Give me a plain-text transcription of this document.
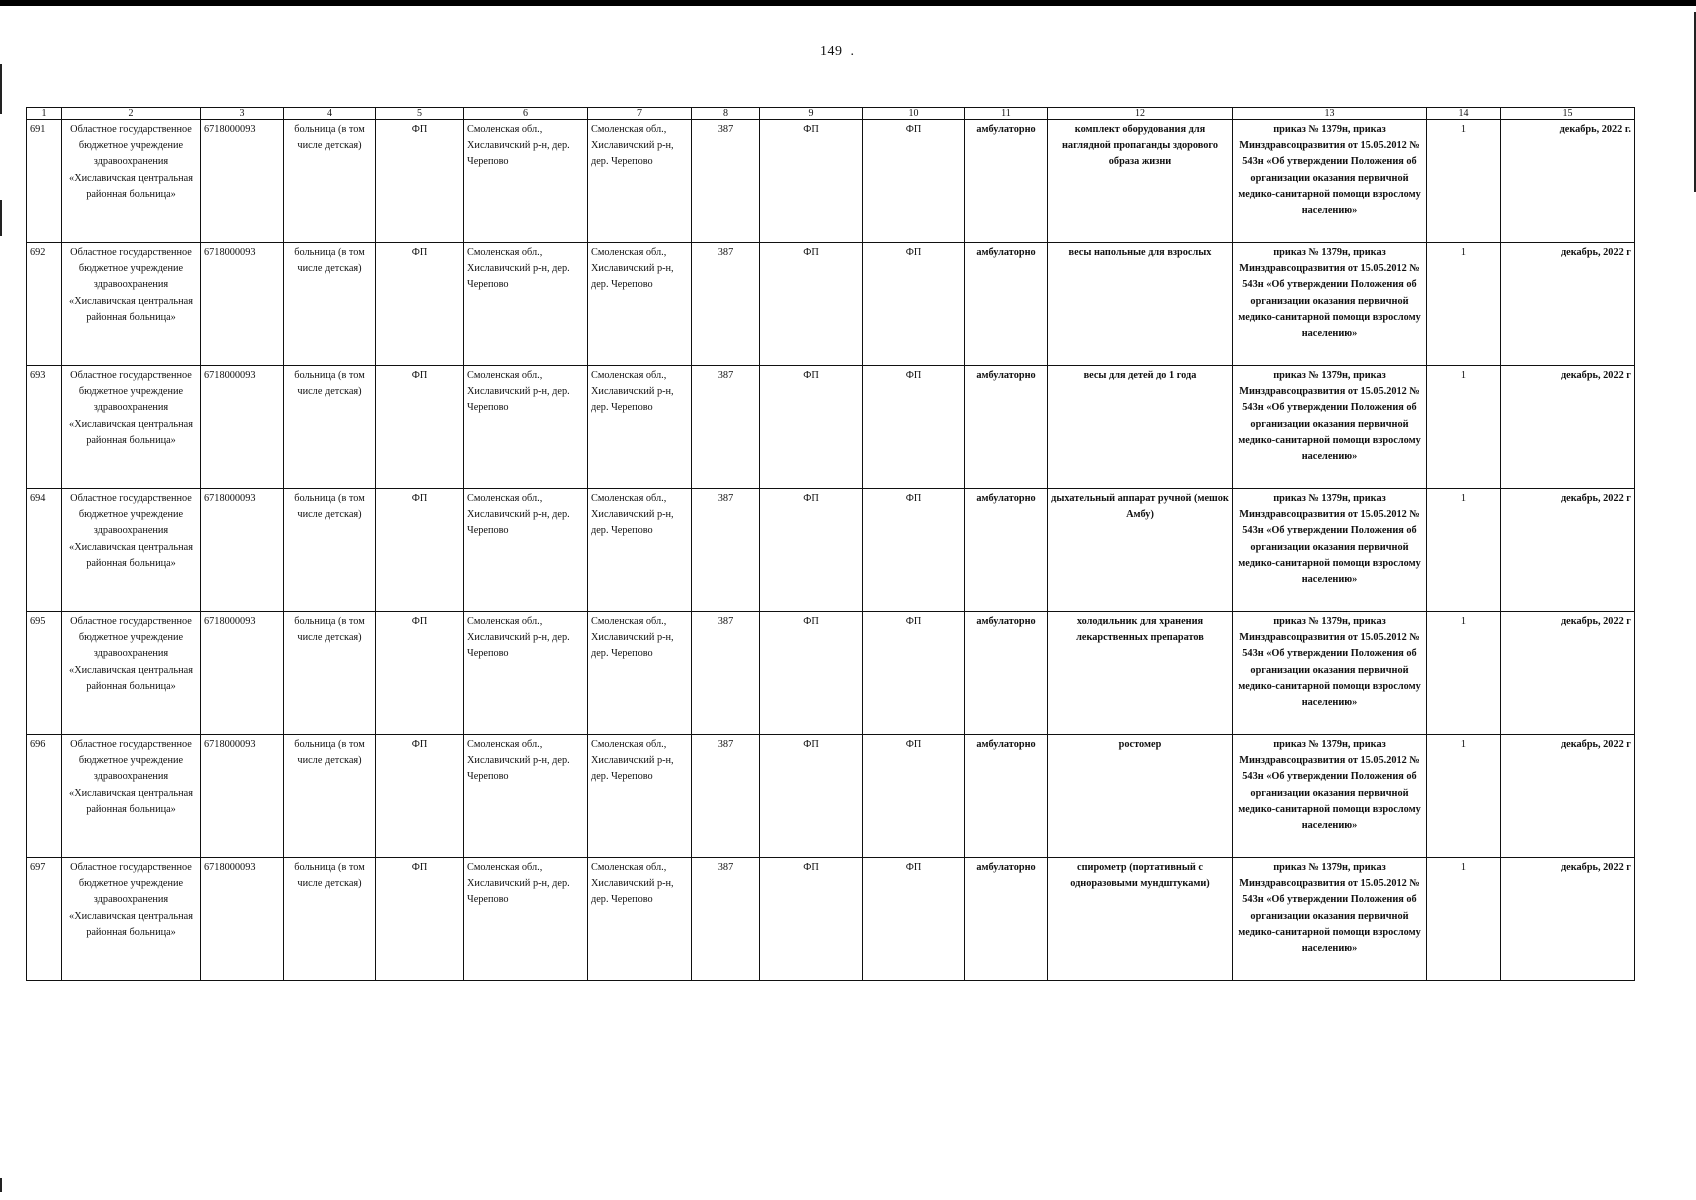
149 .
1	2	3	4	5	6	7	8	9	10	11	12	13	14	15
691	Областное государственное бюджетное учреждение здравоохранения «Хиславичская центральная районная больница»	6718000093	больница (в том числе детская)	ФП	Смоленская обл., Хиславичский р-н, дер. Черепово	Смоленская обл., Хиславичский р-н, дер. Черепово	387	ФП	ФП	амбулаторно	комплект оборудования для наглядной пропаганды здорового образа жизни	приказ № 1379н, приказ Минздравсоцразвития от 15.05.2012 № 543н «Об утверждении Положения об организации оказания первичной медико-санитарной помощи взрослому населению»	1	декабрь, 2022 г.
692	Областное государственное бюджетное учреждение здравоохранения «Хиславичская центральная районная больница»	6718000093	больница (в том числе детская)	ФП	Смоленская обл., Хиславичский р-н, дер. Черепово	Смоленская обл., Хиславичский р-н, дер. Черепово	387	ФП	ФП	амбулаторно	весы напольные для взрослых	приказ № 1379н, приказ Минздравсоцразвития от 15.05.2012 № 543н «Об утверждении Положения об организации оказания первичной медико-санитарной помощи взрослому населению»	1	декабрь, 2022 г
693	Областное государственное бюджетное учреждение здравоохранения «Хиславичская центральная районная больница»	6718000093	больница (в том числе детская)	ФП	Смоленская обл., Хиславичский р-н, дер. Черепово	Смоленская обл., Хиславичский р-н, дер. Черепово	387	ФП	ФП	амбулаторно	весы для детей до 1 года	приказ № 1379н, приказ Минздравсоцразвития от 15.05.2012 № 543н «Об утверждении Положения об организации оказания первичной медико-санитарной помощи взрослому населению»	1	декабрь, 2022 г
694	Областное государственное бюджетное учреждение здравоохранения «Хиславичская центральная районная больница»	6718000093	больница (в том числе детская)	ФП	Смоленская обл., Хиславичский р-н, дер. Черепово	Смоленская обл., Хиславичский р-н, дер. Черепово	387	ФП	ФП	амбулаторно	дыхательный аппарат ручной (мешок Амбу)	приказ № 1379н, приказ Минздравсоцразвития от 15.05.2012 № 543н «Об утверждении Положения об организации оказания первичной медико-санитарной помощи взрослому населению»	1	декабрь, 2022 г
695	Областное государственное бюджетное учреждение здравоохранения «Хиславичская центральная районная больница»	6718000093	больница (в том числе детская)	ФП	Смоленская обл., Хиславичский р-н, дер. Черепово	Смоленская обл., Хиславичский р-н, дер. Черепово	387	ФП	ФП	амбулаторно	холодильник для хранения лекарственных препаратов	приказ № 1379н, приказ Минздравсоцразвития от 15.05.2012 № 543н «Об утверждении Положения об организации оказания первичной медико-санитарной помощи взрослому населению»	1	декабрь, 2022 г
696	Областное государственное бюджетное учреждение здравоохранения «Хиславичская центральная районная больница»	6718000093	больница (в том числе детская)	ФП	Смоленская обл., Хиславичский р-н, дер. Черепово	Смоленская обл., Хиславичский р-н, дер. Черепово	387	ФП	ФП	амбулаторно	ростомер	приказ № 1379н, приказ Минздравсоцразвития от 15.05.2012 № 543н «Об утверждении Положения об организации оказания первичной медико-санитарной помощи взрослому населению»	1	декабрь, 2022 г
697	Областное государственное бюджетное учреждение здравоохранения «Хиславичская центральная районная больница»	6718000093	больница (в том числе детская)	ФП	Смоленская обл., Хиславичский р-н, дер. Черепово	Смоленская обл., Хиславичский р-н, дер. Черепово	387	ФП	ФП	амбулаторно	спирометр (портативный с одноразовыми мундштуками)	приказ № 1379н, приказ Минздравсоцразвития от 15.05.2012 № 543н «Об утверждении Положения об организации оказания первичной медико-санитарной помощи взрослому населению»	1	декабрь, 2022 г
